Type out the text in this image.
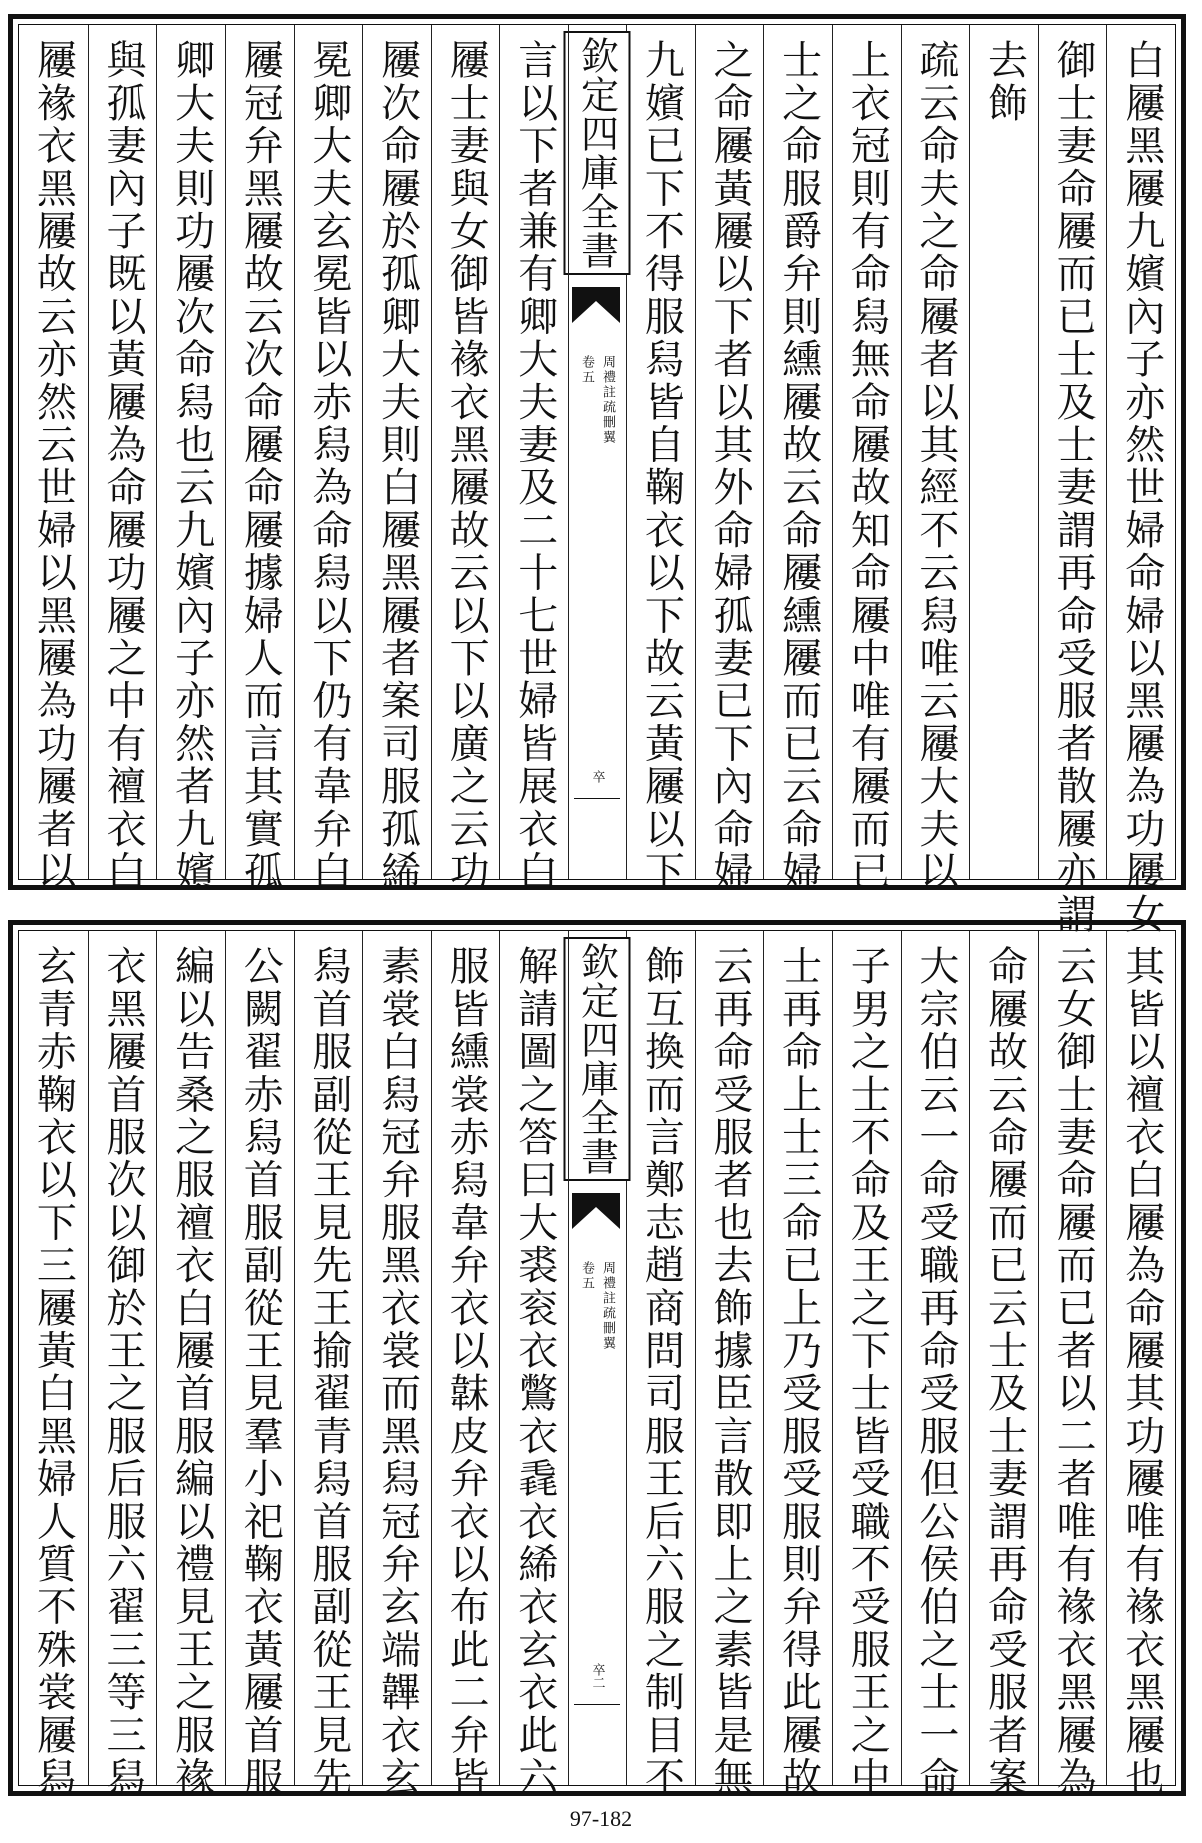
白屨黑屨九嬪內子亦然世婦命婦以黑屨為功屨女
御士妻命屨而已士及士妻謂再命受服者散屨亦謂
去飾
疏云命夫之命屨者以其經不云舄唯云屨大夫以
上衣冠則有命舄無命屨故知命屨中唯有屨而已
士之命服爵弁則纁屨故云命屨纁屨而已云命婦
之命屨黃屨以下者以其外命婦孤妻已下內命婦
九嬪已下不得服舄皆自鞠衣以下故云黃屨以下
欽定四庫全書
周禮註疏刪翼
卷五
卒
言以下者兼有卿大夫妻及二十七世婦皆展衣白
屨士妻與女御皆褖衣黑屨故云以下以廣之云功
屨次命屨於孤卿大夫則白屨黑屨者案司服孤絺
冕卿大夫玄冕皆以赤舄為命舄以下仍有韋弁白
屨冠弁黑屨故云次命屨命屨據婦人而言其實孤
卿大夫則功屨次命舄也云九嬪內子亦然者九嬪
與孤妻內子既以黃屨為命屨功屨之中有襢衣白
屨褖衣黑屨故云亦然云世婦以黑屨為功屨者以
其皆以襢衣白屨為命屨其功屨唯有褖衣黑屨也
云女御士妻命屨而已者以二者唯有褖衣黑屨為
命屨故云命屨而已云士及士妻謂再命受服者案
大宗伯云一命受職再命受服但公侯伯之士一命
子男之士不命及王之下士皆受職不受服王之中
士再命上士三命已上乃受服受服則弁得此屨故
云再命受服者也去飾據臣言散即上之素皆是無
飾互換而言鄭志趙商問司服王后六服之制目不
欽定四庫全書
周禮註疏刪翼
卷五
卒二
解請圖之答曰大裘衮衣鷩衣毳衣絺衣玄衣此六
服皆纁裳赤舄韋弁衣以韎皮弁衣以布此二弁皆
素裳白舄冠弁服黑衣裳而黑舄冠弁玄端韠衣玄
舄首服副從王見先王揄翟青舄首服副從王見先
公闕翟赤舄首服副從王見羣小祀鞠衣黃屨首服
編以告桑之服襢衣白屨首服編以禮見王之服褖
衣黑屨首服次以御於王之服后服六翟三等三舄
玄青赤鞠衣以下三屨黃白黑婦人質不殊裳屨舄
97-182
